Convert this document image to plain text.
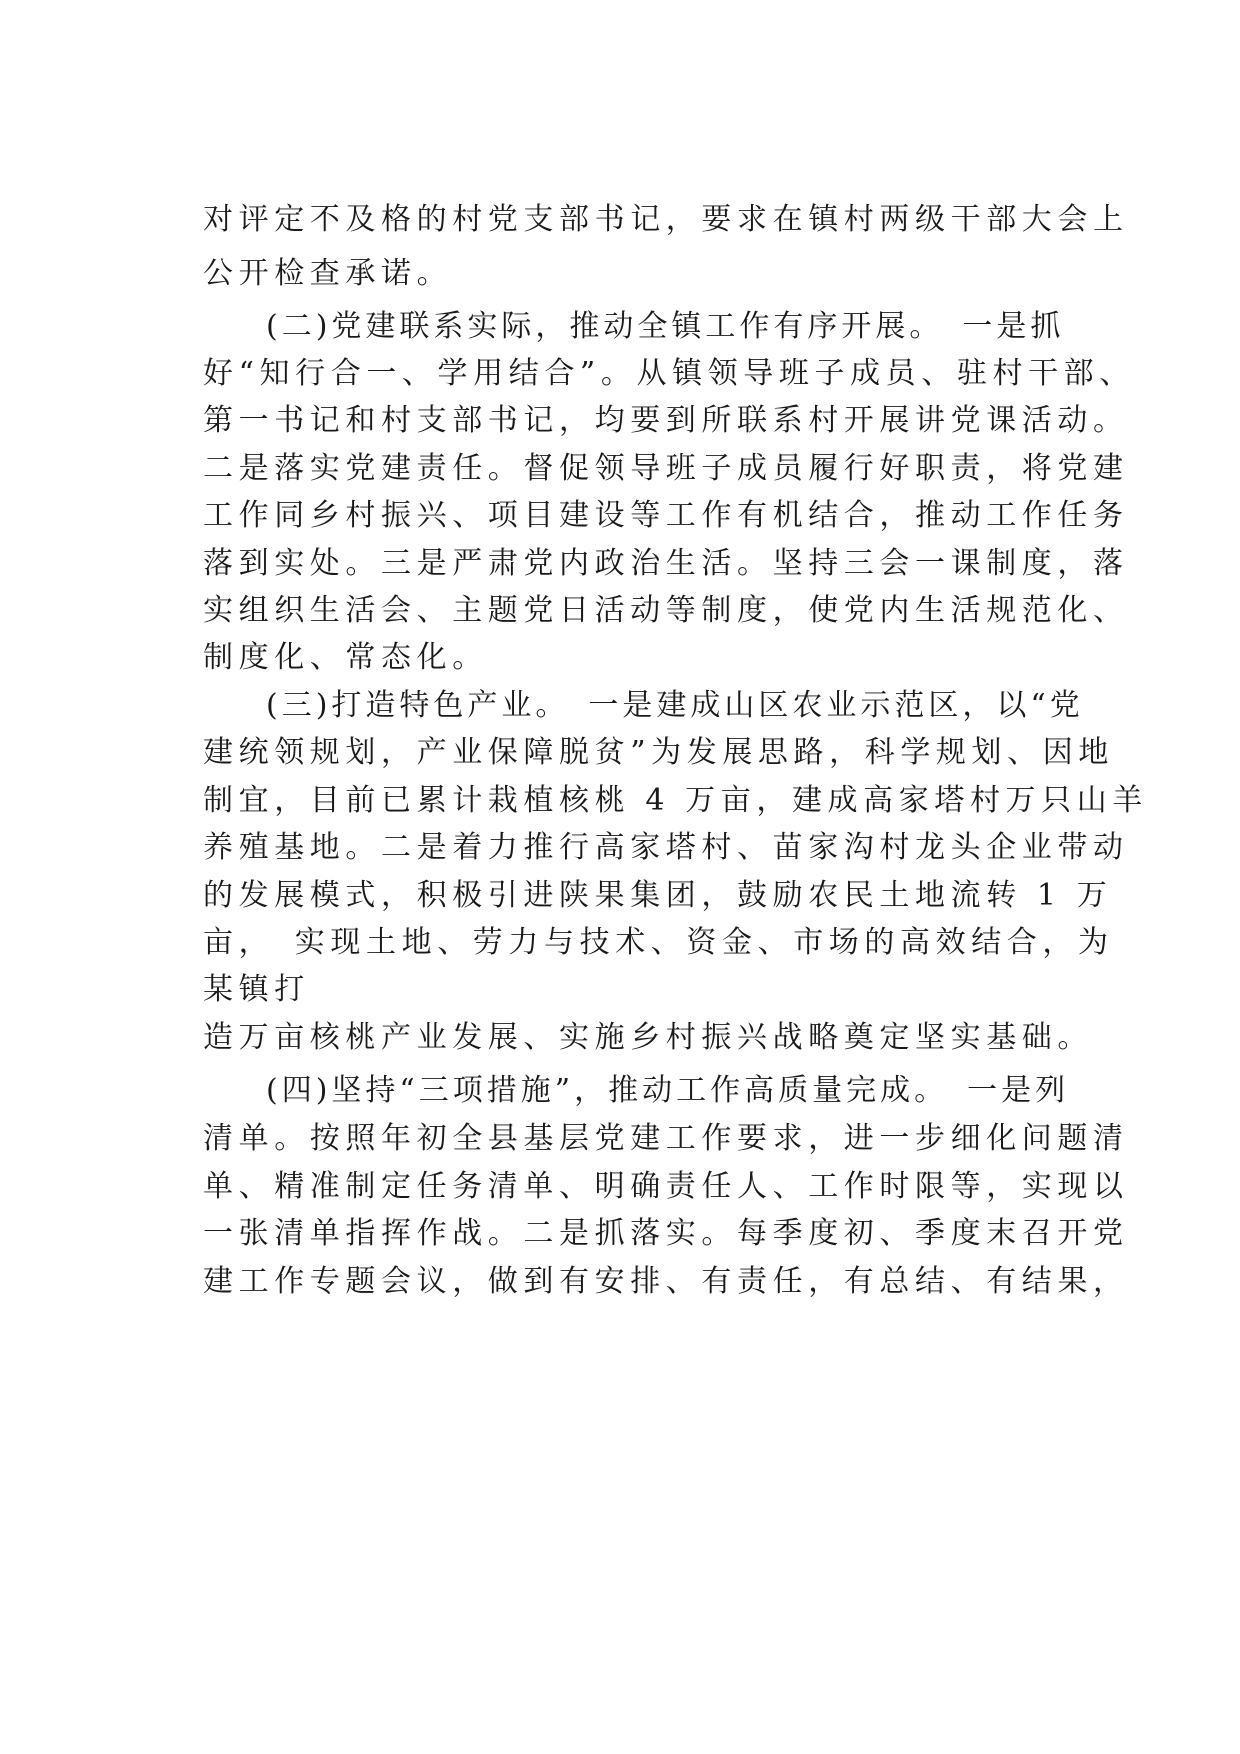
对评定不及格的村党支部书记，要求在镇村两级干部大会上

公开检查承诺。

(二)党建联系实际，推动全镇工作有序开展。　一是抓

好“知行合一、学用结合”。从镇领导班子成员、驻村干部、

第一书记和村支部书记，均要到所联系村开展讲党课活动。

二是落实党建责任。督促领导班子成员履行好职责，将党建

工作同乡村振兴、项目建设等工作有机结合，推动工作任务

落到实处。三是严肃党内政治生活。坚持三会一课制度，落

实组织生活会、主题党日活动等制度，使党内生活规范化、

制度化、常态化。

(三)打造特色产业。　一是建成山区农业示范区，以“党

建统领规划，产业保障脱贫”为发展思路，科学规划、因地

制宜，目前已累计栽植核桃 4 万亩，建成高家塔村万只山羊

养殖基地。二是着力推行高家塔村、苗家沟村龙头企业带动

的发展模式，积极引进陕果集团，鼓励农民土地流转 1 万

亩，　实现土地、劳力与技术、资金、市场的高效结合，为

某镇打

造万亩核桃产业发展、实施乡村振兴战略奠定坚实基础。

(四)坚持“三项措施”，推动工作高质量完成。　一是列

清单。按照年初全县基层党建工作要求，进一步细化问题清

单、精准制定任务清单、明确责任人、工作时限等，实现以

一张清单指挥作战。二是抓落实。每季度初、季度末召开党

建工作专题会议，做到有安排、有责任，有总结、有结果，
